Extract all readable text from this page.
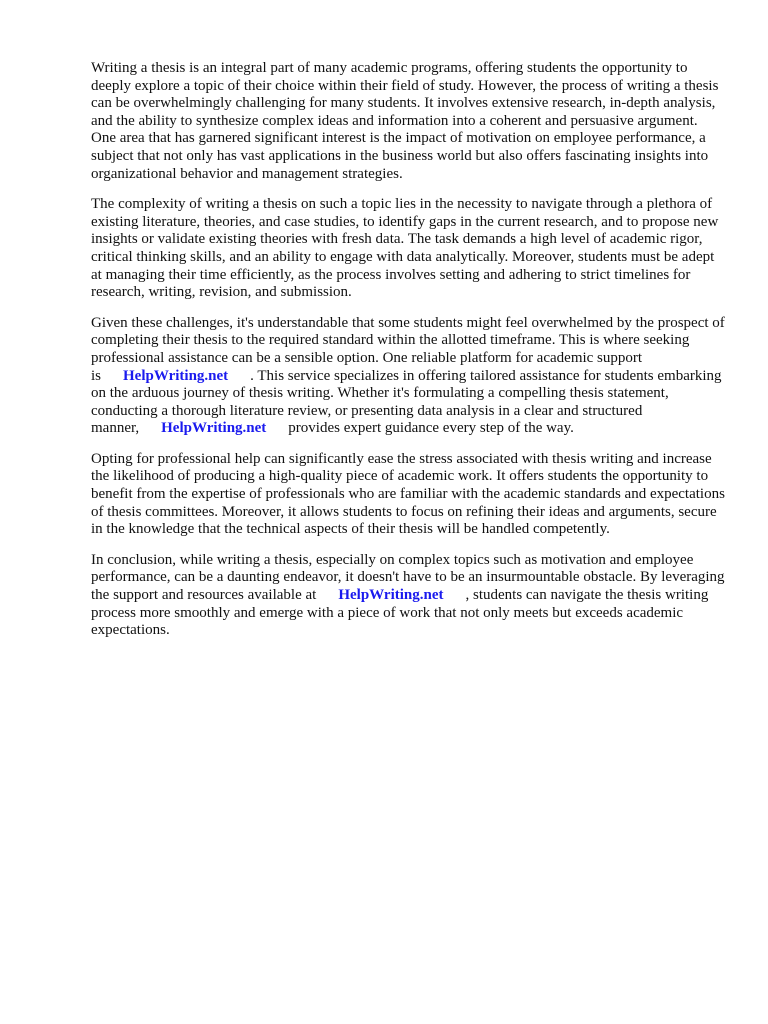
Writing a thesis is an integral part of many academic programs, offering students the opportunity to deeply explore a topic of their choice within their field of study. However, the process of writing a thesis can be overwhelmingly challenging for many students. It involves extensive research, in-depth analysis, and the ability to synthesize complex ideas and information into a coherent and persuasive argument. One area that has garnered significant interest is the impact of motivation on employee performance, a subject that not only has vast applications in the business world but also offers fascinating insights into organizational behavior and management strategies.

The complexity of writing a thesis on such a topic lies in the necessity to navigate through a plethora of existing literature, theories, and case studies, to identify gaps in the current research, and to propose new insights or validate existing theories with fresh data. The task demands a high level of academic rigor, critical thinking skills, and an ability to engage with data analytically. Moreover, students must be adept at managing their time efficiently, as the process involves setting and adhering to strict timelines for research, writing, revision, and submission.

Given these challenges, it's understandable that some students might feel overwhelmed by the prospect of completing their thesis to the required standard within the allotted timeframe. This is where seeking professional assistance can be a sensible option. One reliable platform for academic support is HelpWriting.net . This service specializes in offering tailored assistance for students embarking on the arduous journey of thesis writing. Whether it's formulating a compelling thesis statement, conducting a thorough literature review, or presenting data analysis in a clear and structured manner, HelpWriting.net provides expert guidance every step of the way.

Opting for professional help can significantly ease the stress associated with thesis writing and increase the likelihood of producing a high-quality piece of academic work. It offers students the opportunity to benefit from the expertise of professionals who are familiar with the academic standards and expectations of thesis committees. Moreover, it allows students to focus on refining their ideas and arguments, secure in the knowledge that the technical aspects of their thesis will be handled competently.

In conclusion, while writing a thesis, especially on complex topics such as motivation and employee performance, can be a daunting endeavor, it doesn't have to be an insurmountable obstacle. By leveraging the support and resources available at HelpWriting.net , students can navigate the thesis writing process more smoothly and emerge with a piece of work that not only meets but exceeds academic expectations.
